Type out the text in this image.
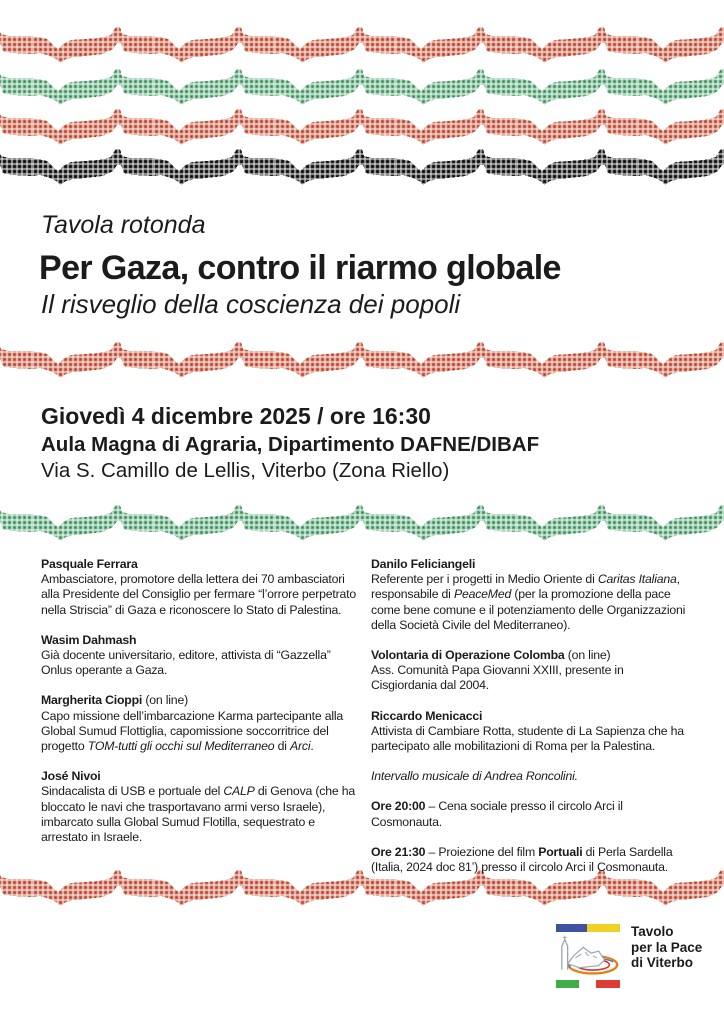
Tavola rotonda
Per Gaza, contro il riarmo globale
Il risveglio della coscienza dei popoli
Giovedì 4 dicembre 2025 / ore 16:30
Aula Magna di Agraria, Dipartimento DAFNE/DIBAF
Via S. Camillo de Lellis, Viterbo (Zona Riello)

Pasquale Ferrara
Ambasciatore, promotore della lettera dei 70 ambasciatori alla Presidente del Consiglio per fermare “l’orrore perpetrato nella Striscia” di Gaza e riconoscere lo Stato di Palestina.

Wasim Dahmash
Già docente universitario, editore, attivista di “Gazzella” Onlus operante a Gaza.

Margherita Cioppi (on line)
Capo missione dell’imbarcazione Karma partecipante alla Global Sumud Flottiglia, capomissione soccorritrice del progetto TOM-tutti gli occhi sul Mediterraneo di Arci.

José Nivoi
Sindacalista di USB e portuale del CALP di Genova (che ha bloccato le navi che trasportavano armi verso Israele), imbarcato sulla Global Sumud Flotilla, sequestrato e arrestato in Israele.

Danilo Feliciangeli
Referente per i progetti in Medio Oriente di Caritas Italiana, responsabile di PeaceMed (per la promozione della pace come bene comune e il potenziamento delle Organizzazioni della Società Civile del Mediterraneo).

Volontaria di Operazione Colomba (on line)
Ass. Comunità Papa Giovanni XXIII, presente in Cisgiordania dal 2004.

Riccardo Menicacci
Attivista di Cambiare Rotta, studente di La Sapienza che ha partecipato alle mobilitazioni di Roma per la Palestina.

Intervallo musicale di Andrea Roncolini.

Ore 20:00 – Cena sociale presso il circolo Arci il Cosmonauta.

Ore 21:30 – Proiezione del film Portuali di Perla Sardella (Italia, 2024 doc 81’) presso il circolo Arci il Cosmonauta.

Tavolo
per la Pace
di Viterbo
